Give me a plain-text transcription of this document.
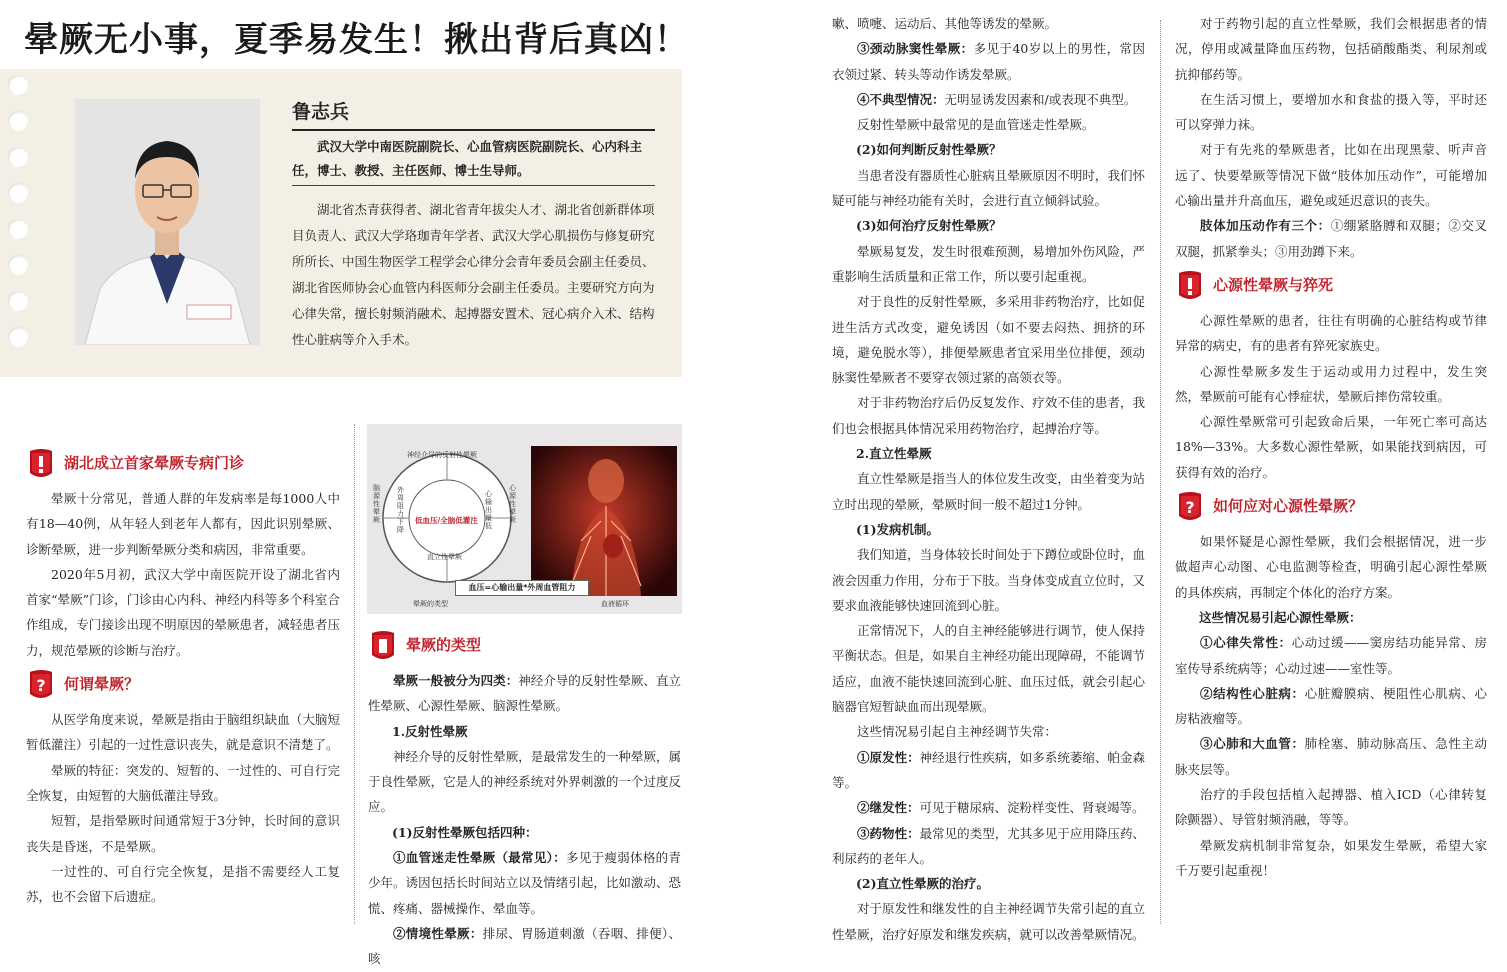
晕厥无小事，夏季易发生！揪出背后真凶！
鲁志兵
武汉大学中南医院副院长、心血管病医院副院长、心内科主任，博士、教授、主任医师、博士生导师。
湖北省杰青获得者、湖北省青年拔尖人才、湖北省创新群体项目负责人、武汉大学珞珈青年学者、武汉大学心肌损伤与修复研究所所长、中国生物医学工程学会心律分会青年委员会副主任委员、湖北省医师协会心血管内科医师分会副主任委员。主要研究方向为心律失常，擅长射频消融术、起搏器安置术、冠心病介入术、结构性心脏病等介入手术。
湖北成立首家晕厥专病门诊

晕厥十分常见，普通人群的年发病率是每1000人中有18—40例，从年轻人到老年人都有，因此识别晕厥、诊断晕厥，进一步判断晕厥分类和病因，非常重要。

2020年5月初，武汉大学中南医院开设了湖北省内首家“晕厥”门诊，门诊由心内科、神经内科等多个科室合作组成，专门接诊出现不明原因的晕厥患者，减轻患者压力，规范晕厥的诊断与治疗。

? 何谓晕厥？

从医学角度来说，晕厥是指由于脑组织缺血（大脑短暂低灌注）引起的一过性意识丧失，就是意识不清楚了。

晕厥的特征：突发的、短暂的、一过性的、可自行完全恢复，由短暂的大脑低灌注导致。

短暂，是指晕厥时间通常短于3分钟，长时间的意识丧失是昏迷，不是晕厥。

一过性的、可自行完全恢复，是指不需要经人工复苏，也不会留下后遗症。

神经介导的反射性晕厥
低血压/全脑低灌注
脑源性晕厥
外周阻力下降
心源性晕厥
心输出量低
直立性晕厥
晕厥的类型	血液循环
血压=心输出量*外周血管阻力
晕厥的类型

晕厥一般被分为四类：神经介导的反射性晕厥、直立性晕厥、心源性晕厥、脑源性晕厥。

1.反射性晕厥

神经介导的反射性晕厥，是最常发生的一种晕厥，属于良性晕厥，它是人的神经系统对外界刺激的一个过度反应。

(1)反射性晕厥包括四种：

①血管迷走性晕厥（最常见）：多见于瘦弱体格的青少年。诱因包括长时间站立以及情绪引起，比如激动、恐慌、疼痛、器械操作、晕血等。

②情境性晕厥：排尿、胃肠道刺激（吞咽、排便）、咳

嗽、喷嚏、运动后、其他等诱发的晕厥。

③颈动脉窦性晕厥：多见于40岁以上的男性，常因衣领过紧、转头等动作诱发晕厥。

④不典型情况：无明显诱发因素和/或表现不典型。

反射性晕厥中最常见的是血管迷走性晕厥。

(2)如何判断反射性晕厥？

当患者没有器质性心脏病且晕厥原因不明时，我们怀疑可能与神经功能有关时，会进行直立倾斜试验。

(3)如何治疗反射性晕厥？

晕厥易复发，发生时很难预测，易增加外伤风险，严重影响生活质量和正常工作，所以要引起重视。

对于良性的反射性晕厥，多采用非药物治疗，比如促进生活方式改变，避免诱因（如不要去闷热、拥挤的环境，避免脱水等），排便晕厥患者宜采用坐位排便，颈动脉窦性晕厥者不要穿衣领过紧的高领衣等。

对于非药物治疗后仍反复发作、疗效不佳的患者，我们也会根据具体情况采用药物治疗，起搏治疗等。

2.直立性晕厥

直立性晕厥是指当人的体位发生改变，由坐着变为站立时出现的晕厥，晕厥时间一般不超过1分钟。

(1)发病机制。

我们知道，当身体较长时间处于下蹲位或卧位时，血液会因重力作用，分布于下肢。当身体变成直立位时，又要求血液能够快速回流到心脏。

正常情况下，人的自主神经能够进行调节，使人保持平衡状态。但是，如果自主神经功能出现障碍，不能调节适应，血液不能快速回流到心脏、血压过低，就会引起心脑器官短暂缺血而出现晕厥。

这些情况易引起自主神经调节失常：

①原发性：神经退行性疾病，如多系统萎缩、帕金森等。

②继发性：可见于糖尿病、淀粉样变性、肾衰竭等。

③药物性：最常见的类型，尤其多见于应用降压药、利尿药的老年人。

(2)直立性晕厥的治疗。

对于原发性和继发性的自主神经调节失常引起的直立性晕厥，治疗好原发和继发疾病，就可以改善晕厥情况。

对于药物引起的直立性晕厥，我们会根据患者的情况，停用或减量降血压药物，包括硝酸酯类、利尿剂或抗抑郁药等。

在生活习惯上，要增加水和食盐的摄入等，平时还可以穿弹力袜。

对于有先兆的晕厥患者，比如在出现黑蒙、听声音远了、快要晕厥等情况下做“肢体加压动作”，可能增加心输出量并升高血压，避免或延迟意识的丧失。

肢体加压动作有三个：①绷紧胳膊和双腿；②交叉双腿，抓紧拳头；③用劲蹲下来。

心源性晕厥与猝死

心源性晕厥的患者，往往有明确的心脏结构或节律异常的病史，有的患者有猝死家族史。

心源性晕厥多发生于运动或用力过程中，发生突然，晕厥前可能有心悸症状，晕厥后摔伤常较重。

心源性晕厥常可引起致命后果，一年死亡率可高达18%—33%。大多数心源性晕厥，如果能找到病因，可获得有效的治疗。

? 如何应对心源性晕厥？

如果怀疑是心源性晕厥，我们会根据情况，进一步做超声心动图、心电监测等检查，明确引起心源性晕厥的具体疾病，再制定个体化的治疗方案。

这些情况易引起心源性晕厥：

①心律失常性：心动过缓——窦房结功能异常、房室传导系统病等；心动过速——室性等。

②结构性心脏病：心脏瓣膜病、梗阻性心肌病、心房粘液瘤等。

③心肺和大血管：肺栓塞、肺动脉高压、急性主动脉夹层等。

治疗的手段包括植入起搏器、植入ICD（心律转复除颤器）、导管射频消融，等等。

晕厥发病机制非常复杂，如果发生晕厥，希望大家千万要引起重视！
